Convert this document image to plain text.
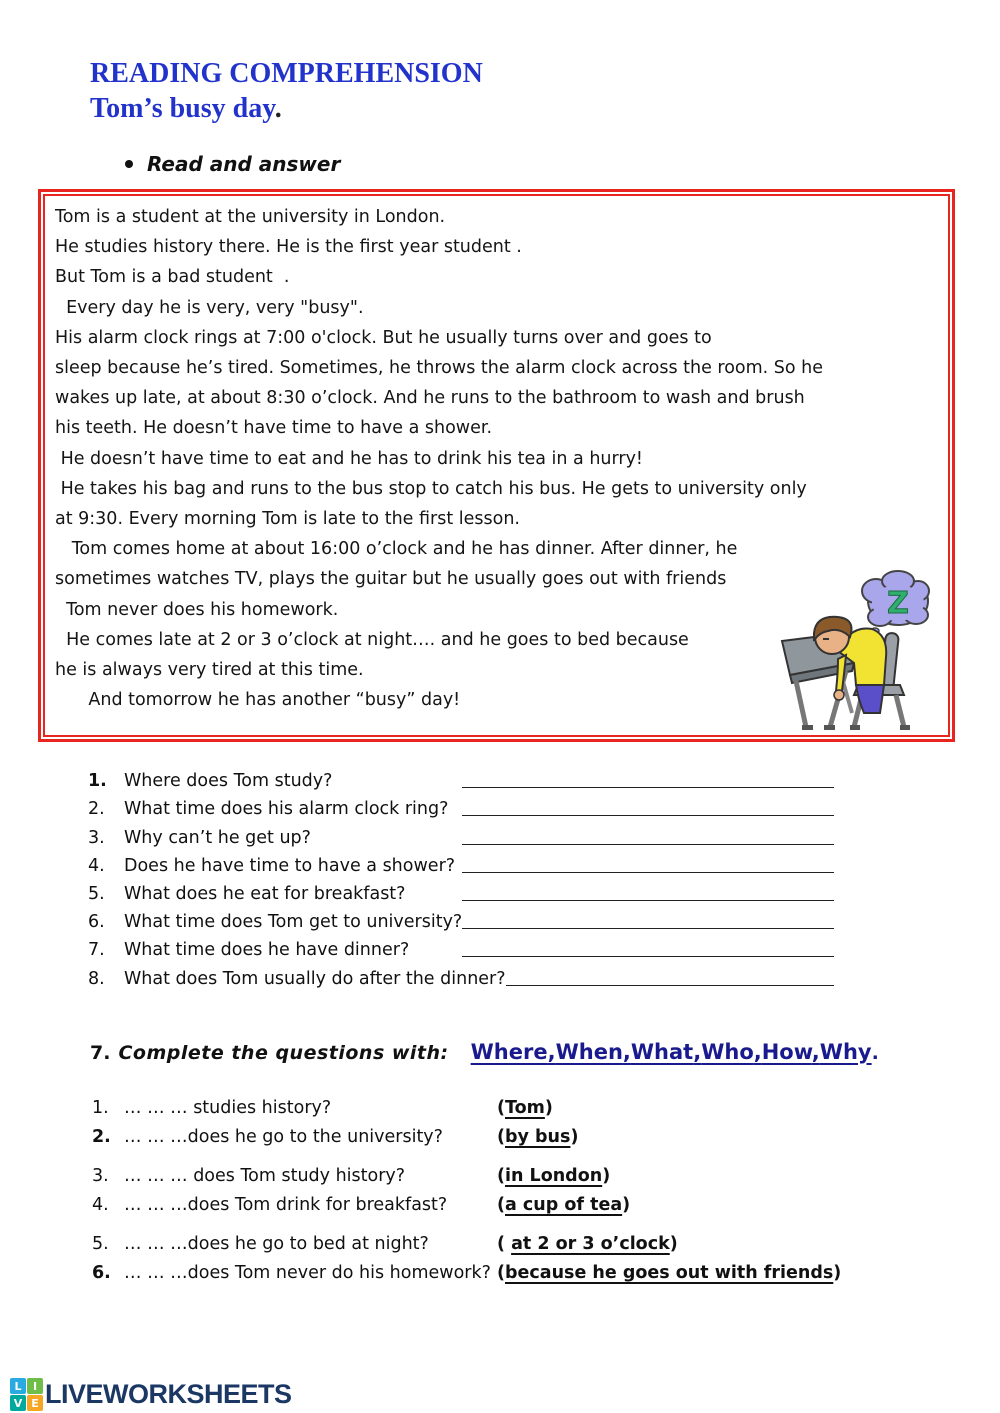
READING COMPREHENSION
Tom’s busy day.
Read and answer
Tom is a student at the university in London.
He studies history there. He is the first year student .
But Tom is a bad student  .
Every day he is very, very "busy".
His alarm clock rings at 7:00 o'clock. But he usually turns over and goes to
sleep because he’s tired. Sometimes, he throws the alarm clock across the room. So he
wakes up late, at about 8:30 o’clock. And he runs to the bathroom to wash and brush
his teeth. He doesn’t have time to have a shower.
He doesn’t have time to eat and he has to drink his tea in a hurry!
He takes his bag and runs to the bus stop to catch his bus. He gets to university only
at 9:30. Every morning Tom is late to the first lesson.
Tom comes home at about 16:00 o’clock and he has dinner. After dinner, he
sometimes watches TV, plays the guitar but he usually goes out with friends
Tom never does his homework.
He comes late at 2 or 3 o’clock at night…. and he goes to bed because
he is always very tired at this time.
And tomorrow he has another “busy” day!
Z
1. Where does Tom study?
2.	What time does his alarm clock ring?
3.	Why can’t he get up?
4.	Does he have time to have a shower?
5.	What does he eat for breakfast?
6.	What time does Tom get to university?
7.	What time does he have dinner?
8.	What does Tom usually do after the dinner?
7. Complete the questions with: Where , When , What , Who , How , Why .
1. … … … studies history?	(Tom)
2. … … …does he go to the university?	(by bus)
3. … … … does Tom study history?	(in London)
4. … … …does Tom drink for breakfast?	(a cup of tea)
5. … … …does he go to bed at night?	( at 2 or 3 o’clock)
6. … … …does Tom never do his homework? (because he goes out with friends)
L	I
V E LIVEWORKSHEETS
